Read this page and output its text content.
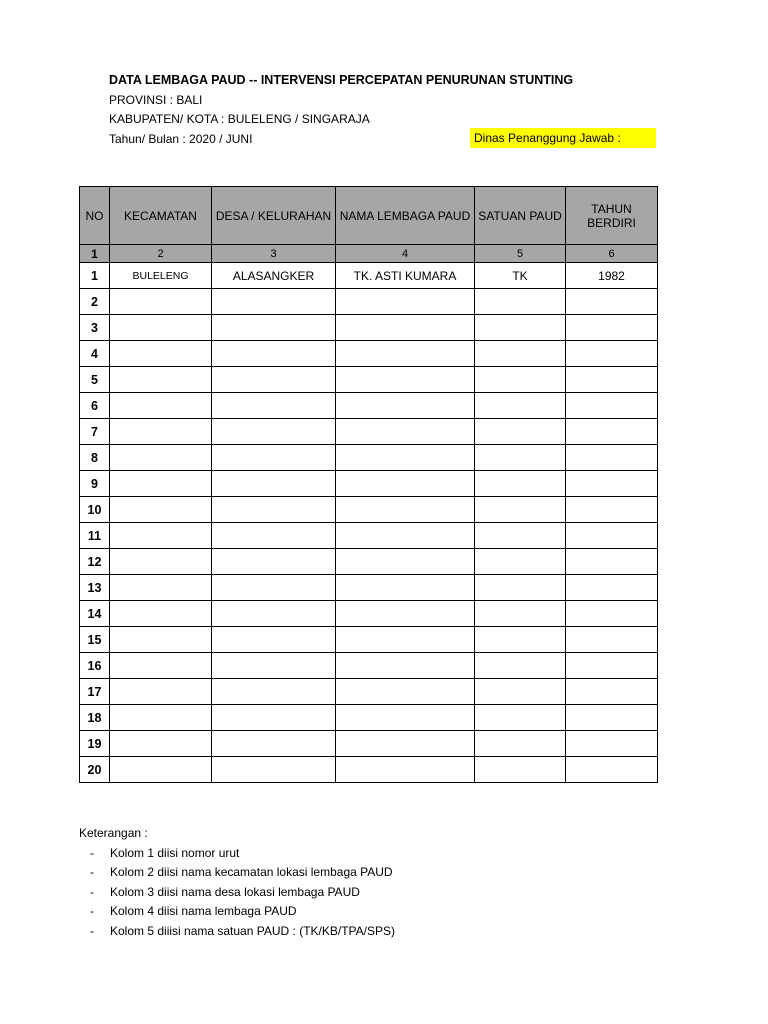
DATA LEMBAGA PAUD -- INTERVENSI PERCEPATAN PENURUNAN STUNTING
PROVINSI : BALI
KABUPATEN/ KOTA : BULELENG / SINGARAJA
Tahun/ Bulan : 2020 / JUNI	Dinas Penanggung Jawab :
NO	KECAMATAN	DESA / KELURAHAN	NAMA LEMBAGA PAUD	SATUAN PAUD	TAHUN BERDIRI
1	2	3	4	5	6
1	BULELENG	ALASANGKER	TK. ASTI KUMARA	TK	1982
2					
3					
4					
5					
6					
7					
8					
9					
10					
11					
12					
13					
14					
15					
16					
17					
18					
19					
20					
Keterangan :
- Kolom 1 diisi nomor urut
- Kolom 2 diisi nama kecamatan lokasi lembaga PAUD
- Kolom 3 diisi nama desa lokasi lembaga PAUD
- Kolom 4 diisi nama lembaga PAUD
- Kolom 5 diiisi nama satuan PAUD : (TK/KB/TPA/SPS)
